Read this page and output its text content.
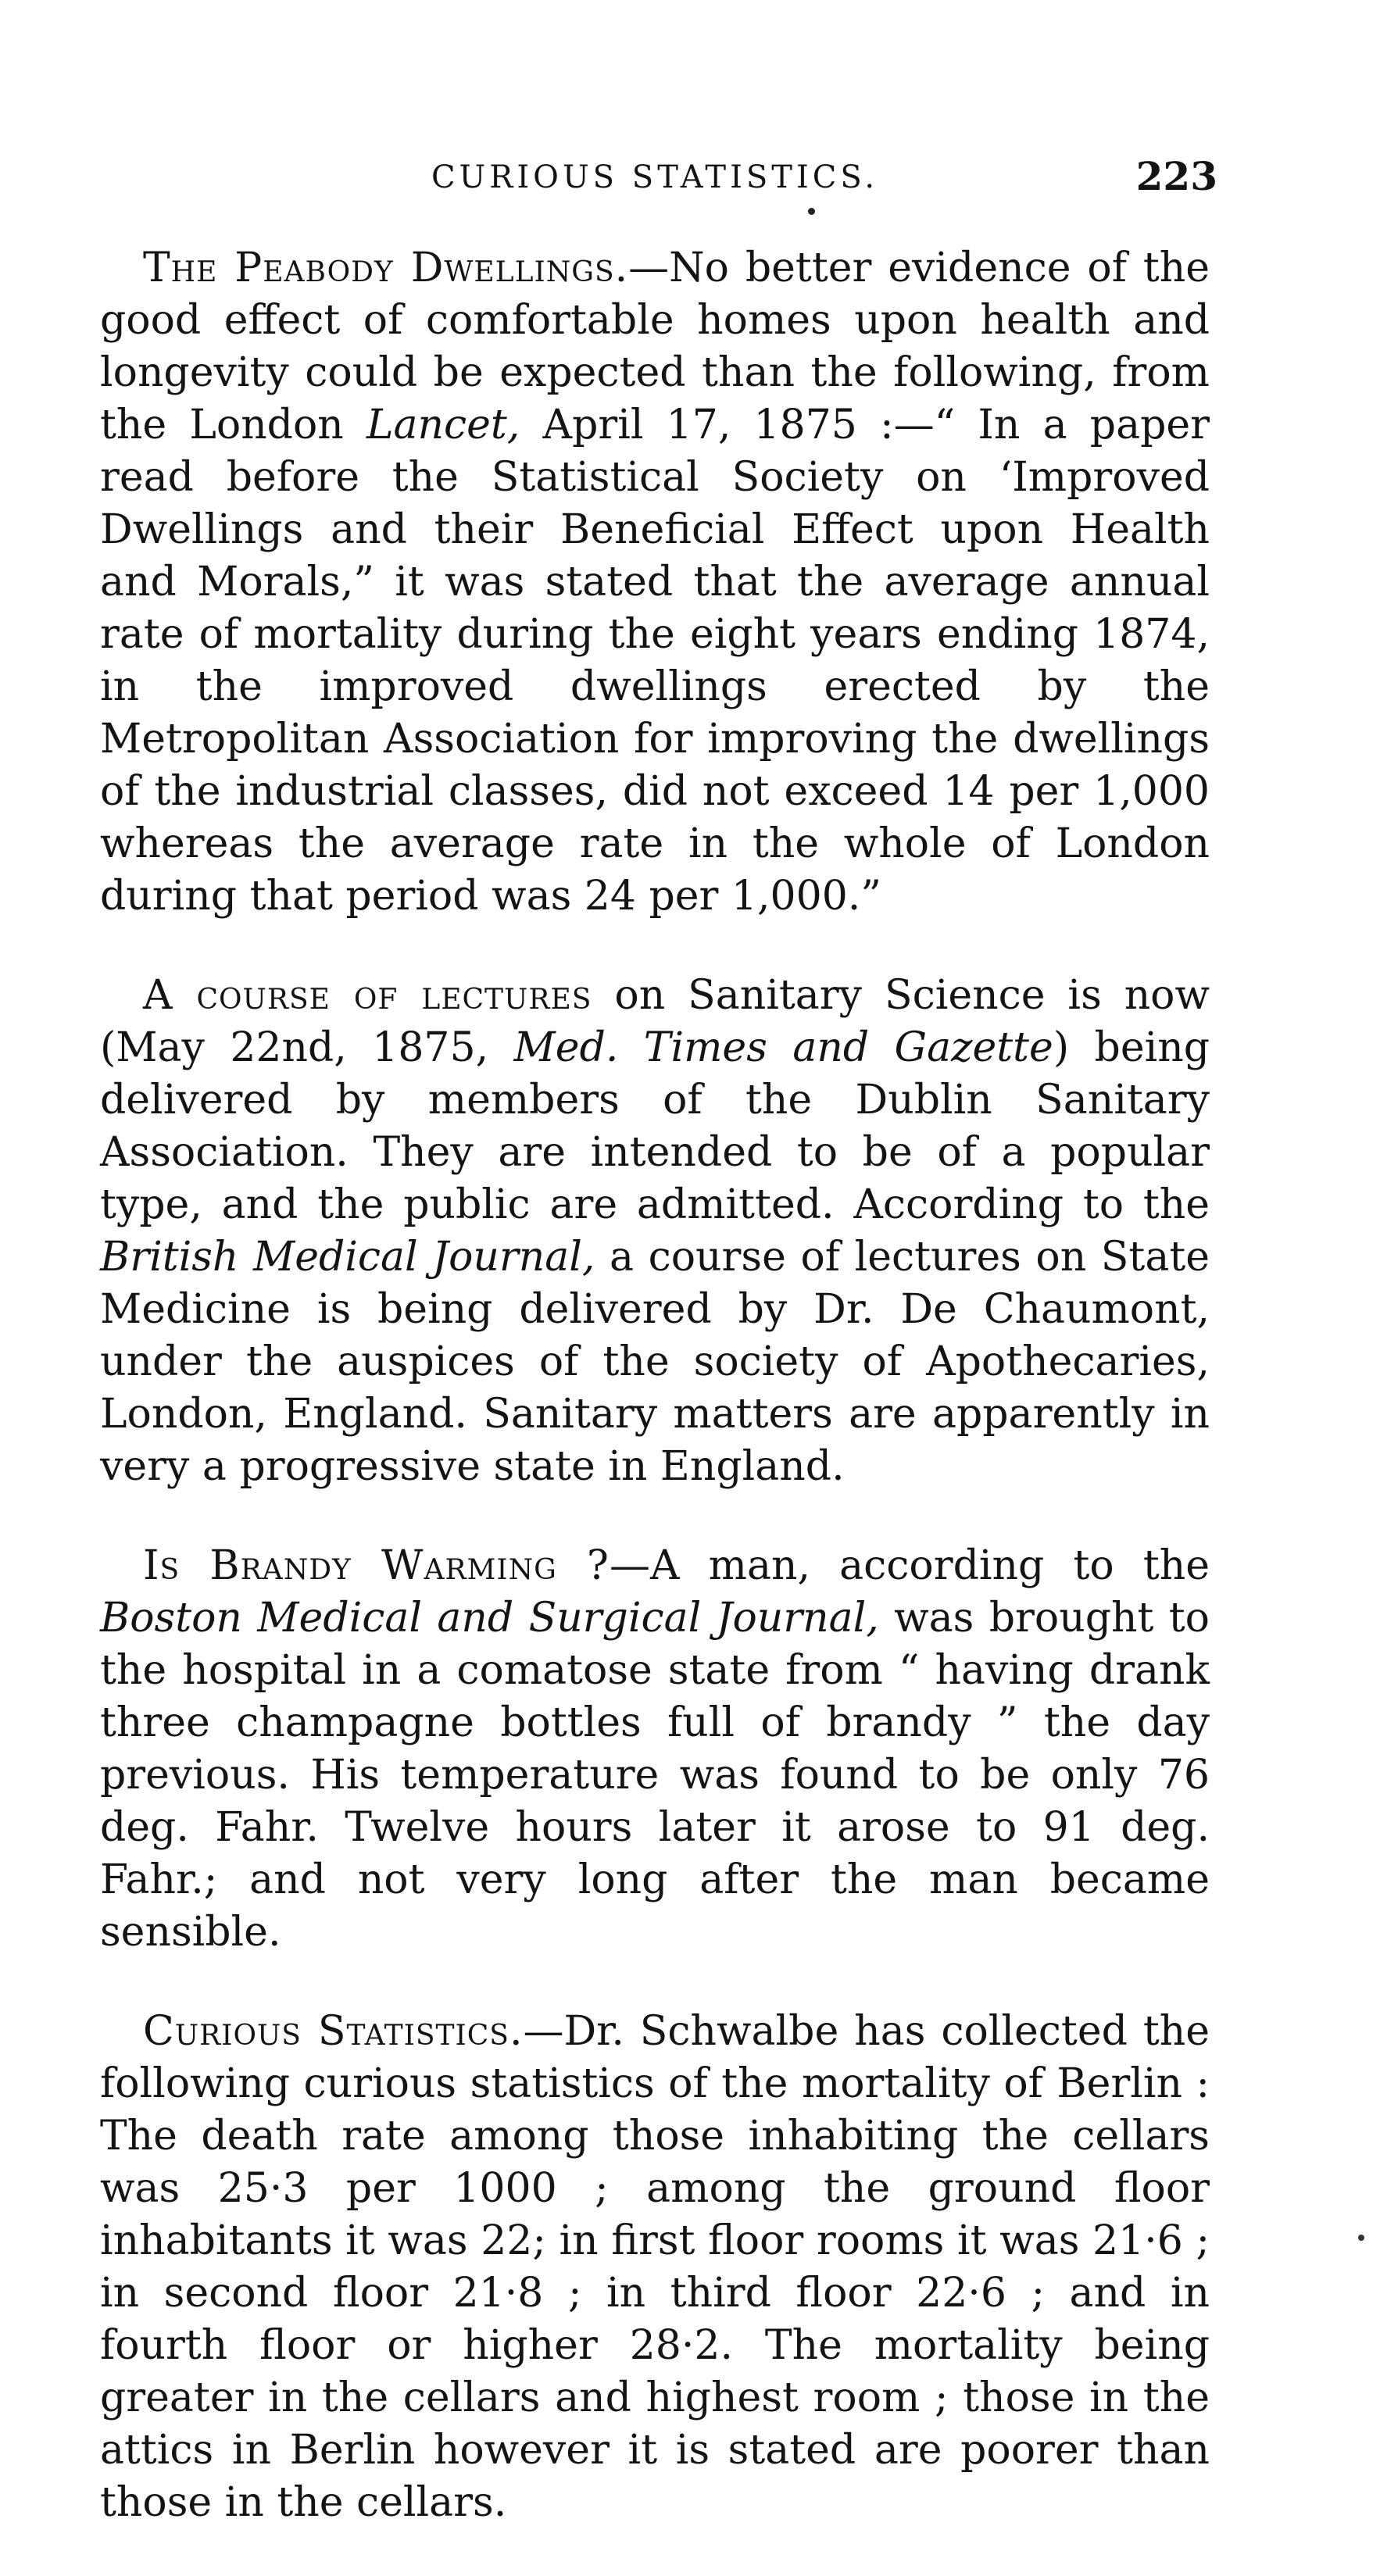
CURIOUS STATISTICS.	223

The Peabody Dwellings.—No better evidence of the good effect of comfortable homes upon health and longevity could be expected than the following, from the London Lancet, April 17, 1875 :—“ In a paper read before the Statistical Society on ‘Improved Dwellings and their Beneficial Effect upon Health and Morals,” it was stated that the average annual rate of mortality during the eight years ending 1874, in the improved dwellings erected by the Metropolitan Association for improving the dwellings of the industrial classes, did not exceed 14 per 1,000 whereas the average rate in the whole of London during that period was 24 per 1,000.”

A course of lectures on Sanitary Science is now (May 22nd, 1875, Med. Times and Gazette) being delivered by members of the Dublin Sanitary Association. They are intended to be of a popular type, and the public are admitted. According to the British Medical Journal, a course of lectures on State Medicine is being delivered by Dr. De Chaumont, under the auspices of the society of Apothecaries, London, England. Sanitary matters are apparently in very a progressive state in England.

Is Brandy Warming ?—A man, according to the Boston Medical and Surgical Journal, was brought to the hospital in a comatose state from “ having drank three champagne bottles full of brandy ” the day previous. His temperature was found to be only 76 deg. Fahr. Twelve hours later it arose to 91 deg. Fahr.; and not very long after the man became sensible.

Curious Statistics.—Dr. Schwalbe has collected the following curious statistics of the mortality of Berlin : The death rate among those inhabiting the cellars was 25·3 per 1000 ; among the ground floor inhabitants it was 22; in first floor rooms it was 21·6 ; in second floor 21·8 ; in third floor 22·6 ; and in fourth floor or higher 28·2. The mortality being greater in the cellars and highest room ; those in the attics in Berlin however it is stated are poorer than those in the cellars.
